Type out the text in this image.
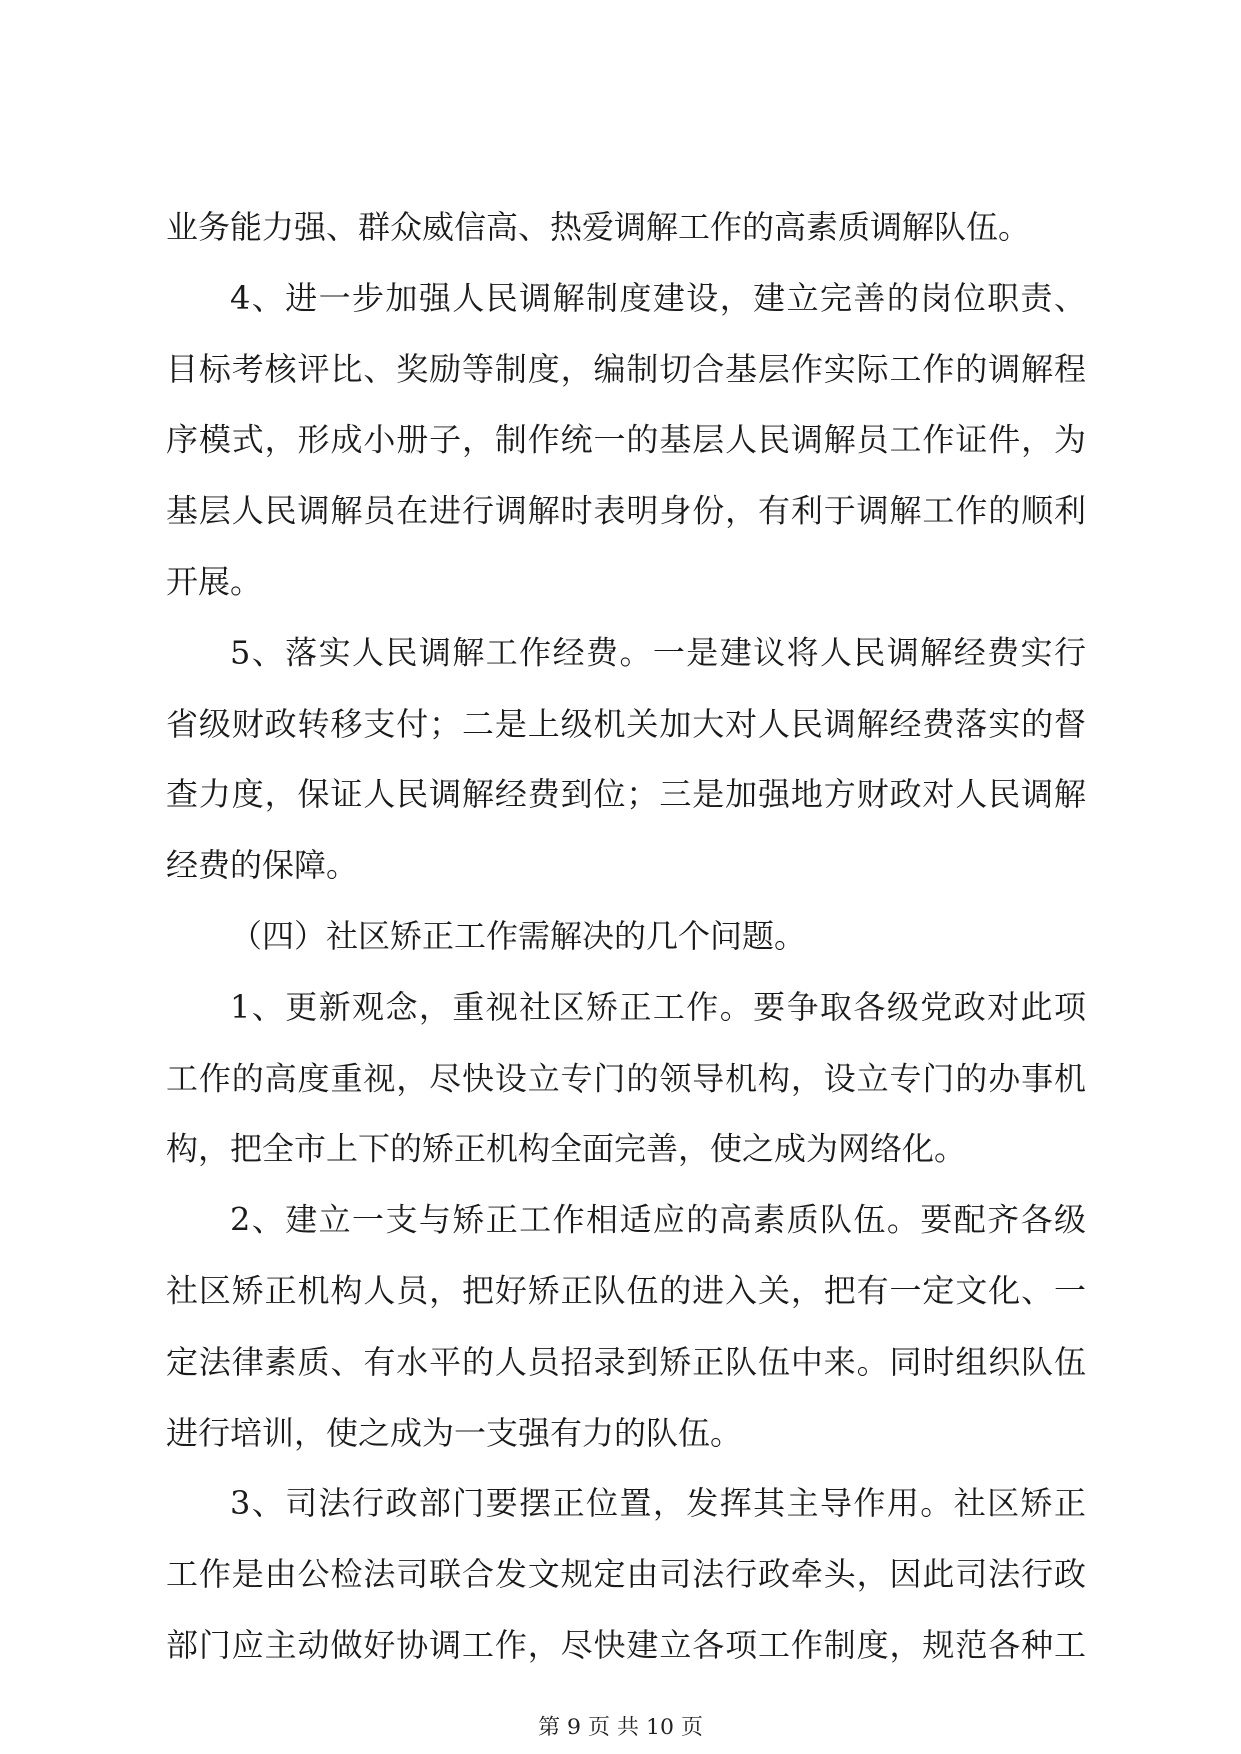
业务能力强、群众威信高、热爱调解工作的高素质调解队伍。
4、进一步加强人民调解制度建设，建立完善的岗位职责、
目标考核评比、奖励等制度，编制切合基层作实际工作的调解程
序模式，形成小册子，制作统一的基层人民调解员工作证件，为
基层人民调解员在进行调解时表明身份，有利于调解工作的顺利
开展。
5、落实人民调解工作经费。一是建议将人民调解经费实行
省级财政转移支付；二是上级机关加大对人民调解经费落实的督
查力度，保证人民调解经费到位；三是加强地方财政对人民调解
经费的保障。
（四）社区矫正工作需解决的几个问题。
1、更新观念，重视社区矫正工作。要争取各级党政对此项
工作的高度重视，尽快设立专门的领导机构，设立专门的办事机
构，把全市上下的矫正机构全面完善，使之成为网络化。
2、建立一支与矫正工作相适应的高素质队伍。要配齐各级
社区矫正机构人员，把好矫正队伍的进入关，把有一定文化、一
定法律素质、有水平的人员招录到矫正队伍中来。同时组织队伍
进行培训，使之成为一支强有力的队伍。
3、司法行政部门要摆正位置，发挥其主导作用。社区矫正
工作是由公检法司联合发文规定由司法行政牵头，因此司法行政
部门应主动做好协调工作，尽快建立各项工作制度，规范各种工
第 9 页 共 10 页
